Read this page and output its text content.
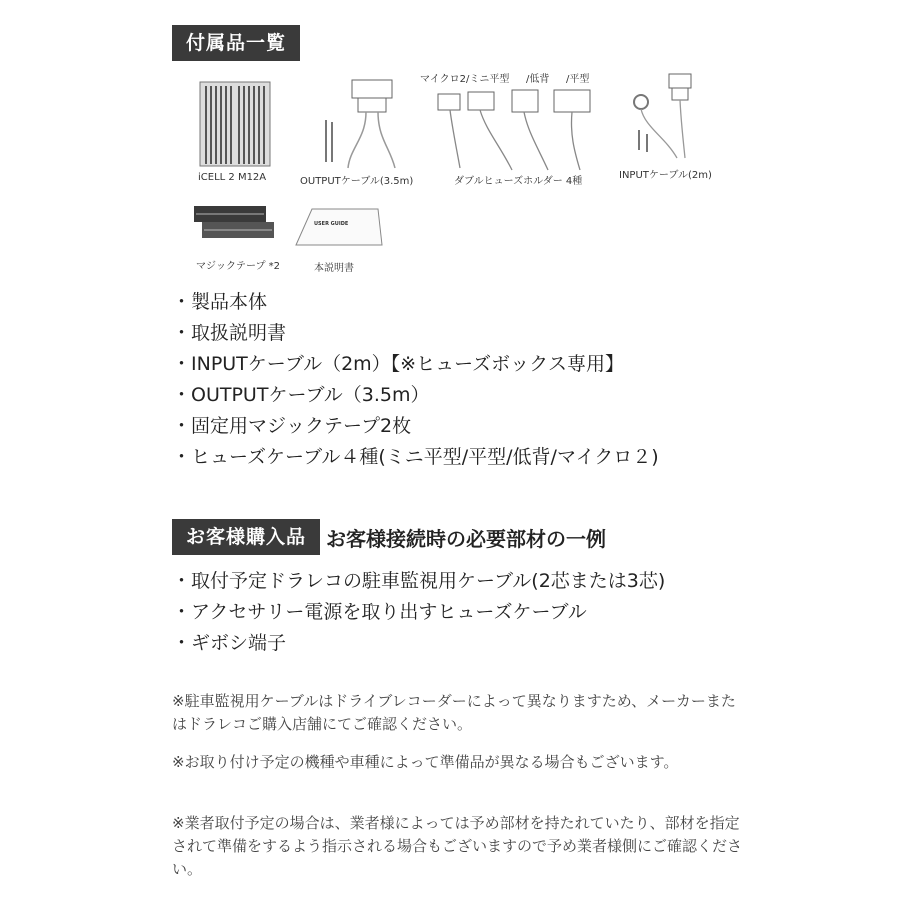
付属品一覧
iCELL 2 M12A	OUTPUTケーブル(3.5m)
マイクロ2/ミニ平型 /低背 /平型
ダブルヒューズホルダー 4種
INPUTケーブル(2m)
マジックテープ *2
USER GUIDE
本説明書
・製品本体
・取扱説明書
・INPUTケーブル（2m）【※ヒューズボックス専用】
・OUTPUTケーブル（3.5m）
・固定用マジックテープ2枚
・ヒューズケーブル４種(ミニ平型/平型/低背/マイクロ２)
お客様購入品 お客様接続時の必要部材の一例
・取付予定ドラレコの駐車監視用ケーブル(2芯または3芯)
・アクセサリー電源を取り出すヒューズケーブル
・ギボシ端子

※駐車監視用ケーブルはドライブレコーダーによって異なりますため、メーカーまたはドラレコご購入店舗にてご確認ください。

※お取り付け予定の機種や車種によって準備品が異なる場合もございます。

※業者取付予定の場合は、業者様によっては予め部材を持たれていたり、部材を指定されて準備をするよう指示される場合もございますので予め業者様側にご確認ください。
